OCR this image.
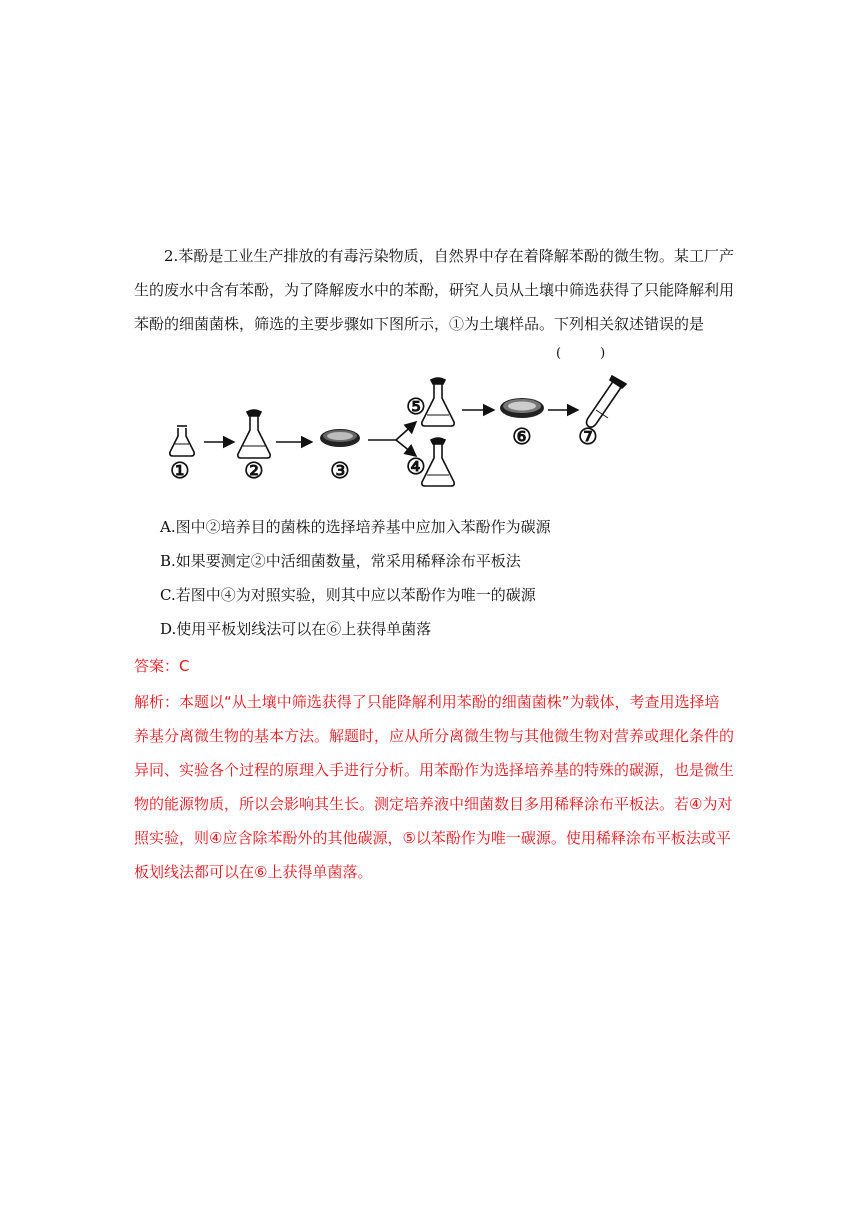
2.苯酚是工业生产排放的有毒污染物质，自然界中存在着降解苯酚的微生物。某工厂产生的废水中含有苯酚，为了降解废水中的苯酚，研究人员从土壤中筛选获得了只能降解利用苯酚的细菌菌株，筛选的主要步骤如下图所示，①为土壤样品。下列相关叙述错误的是
(　　　)
① ②	③
⑤
④
⑥ ⑦
A.图中②培养目的菌株的选择培养基中应加入苯酚作为碳源
B.如果要测定②中活细菌数量，常采用稀释涂布平板法
C.若图中④为对照实验，则其中应以苯酚作为唯一的碳源
D.使用平板划线法可以在⑥上获得单菌落
答案：C
解析：本题以“从土壤中筛选获得了只能降解利用苯酚的细菌菌株”为载体，考查用选择培养基分离微生物的基本方法。解题时，应从所分离微生物与其他微生物对营养或理化条件的异同、实验各个过程的原理入手进行分析。用苯酚作为选择培养基的特殊的碳源，也是微生物的能源物质，所以会影响其生长。测定培养液中细菌数目多用稀释涂布平板法。若④为对照实验，则④应含除苯酚外的其他碳源，⑤以苯酚作为唯一碳源。使用稀释涂布平板法或平板划线法都可以在⑥上获得单菌落。
